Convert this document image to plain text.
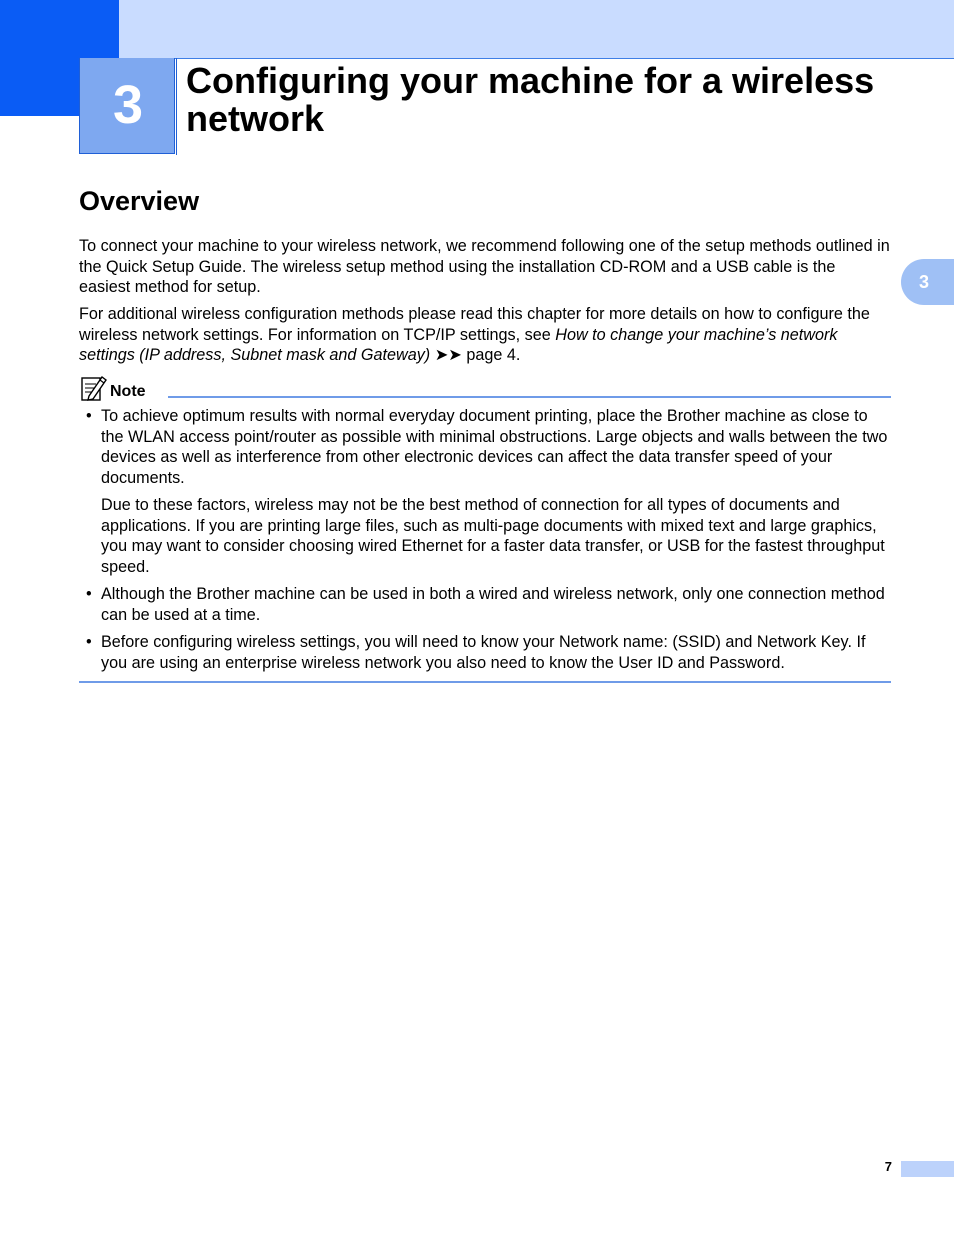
3	Configuring your machine for a wireless network
Overview

To connect your machine to your wireless network, we recommend following one of the setup methods outlined in the Quick Setup Guide. The wireless setup method using the installation CD-ROM and a USB cable is the easiest method for setup.

For additional wireless configuration methods please read this chapter for more details on how to configure the wireless network settings. For information on TCP/IP settings, see How to change your machine’s network settings (IP address, Subnet mask and Gateway) ➤➤ page 4.

3
Note
• To achieve optimum results with normal everyday document printing, place the Brother machine as close to the WLAN access point/router as possible with minimal obstructions. Large objects and walls between the two devices as well as interference from other electronic devices can affect the data transfer speed of your documents.

Due to these factors, wireless may not be the best method of connection for all types of documents and applications. If you are printing large files, such as multi-page documents with mixed text and large graphics, you may want to consider choosing wired Ethernet for a faster data transfer, or USB for the fastest throughput speed.

• Although the Brother machine can be used in both a wired and wireless network, only one connection method can be used at a time.

• Before configuring wireless settings, you will need to know your Network name: (SSID) and Network Key. If you are using an enterprise wireless network you also need to know the User ID and Password.

7
